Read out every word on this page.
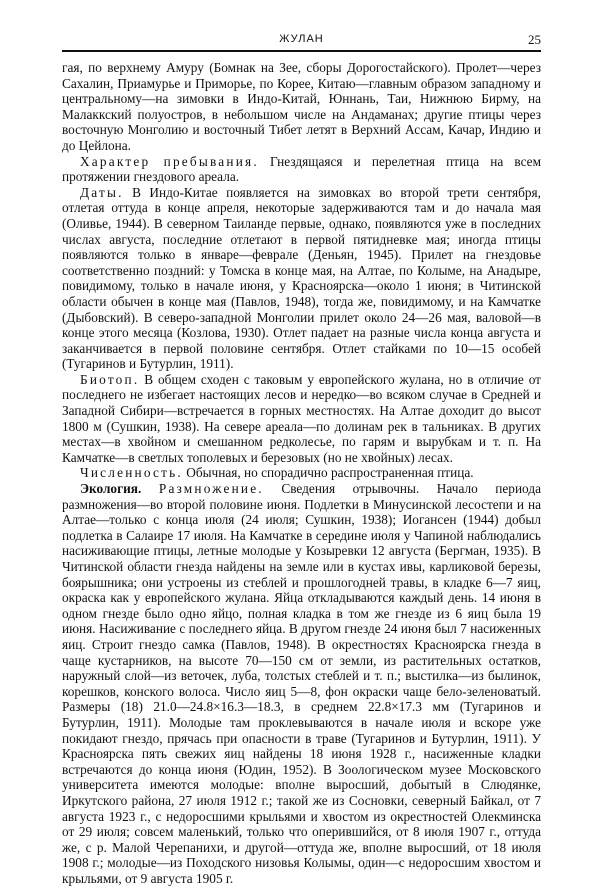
ЖУЛАН	25

гая, по верхнему Амуру (Бомнак на Зее, сборы Дорогостайского). Пролет—через Сахалин, Приамурье и Приморье, по Корее, Китаю—главным образом западному и центральному—на зимовки в Индо-Китай, Юннань, Таи, Нижнюю Бирму, на Малаккский полуостров, в небольшом числе на Андаманах; другие птицы через восточную Монголию и восточный Тибет летят в Верхний Ассам, Качар, Индию и до Цейлона.

Характер пребывания. Гнездящаяся и перелетная птица на всем протяжении гнездового ареала.

Даты. В Индо-Китае появляется на зимовках во второй трети сентября, отлетая оттуда в конце апреля, некоторые задерживаются там и до начала мая (Оливье, 1944). В северном Таиланде первые, однако, появляются уже в последних числах августа, последние отлетают в первой пятидневке мая; иногда птицы появляются только в январе—феврале (Деньян, 1945). Прилет на гнездовье соответственно поздний: у Томска в конце мая, на Алтае, по Колыме, на Анадыре, повидимому, только в начале июня, у Красноярска—около 1 июня; в Читинской области обычен в конце мая (Павлов, 1948), тогда же, повидимому, и на Камчатке (Дыбовский). В северо-западной Монголии прилет около 24—26 мая, валовой—в конце этого месяца (Козлова, 1930). Отлет падает на разные числа конца августа и заканчивается в первой половине сентября. Отлет стайками по 10—15 особей (Тугаринов и Бутурлин, 1911).

Биотоп. В общем сходен с таковым у европейского жулана, но в отличие от последнего не избегает настоящих лесов и нередко—во всяком случае в Средней и Западной Сибири—встречается в горных местностях. На Алтае доходит до высот 1800 м (Сушкин, 1938). На севере ареала—по долинам рек в тальниках. В других местах—в хвойном и смешанном редколесье, по гарям и вырубкам и т. п. На Камчатке—в светлых тополевых и березовых (но не хвойных) лесах.

Численность. Обычная, но спорадично распространенная птица.

Экология. Размножение. Сведения отрывочны. Начало периода размножения—во второй половине июня. Подлетки в Минусинской лесостепи и на Алтае—только с конца июля (24 июля; Сушкин, 1938); Иогансен (1944) добыл подлетка в Салаире 17 июля. На Камчатке в середине июля у Чапиной наблюдались насиживающие птицы, летные молодые у Козыревки 12 августа (Бергман, 1935). В Читинской области гнезда найдены на земле или в кустах ивы, карликовой березы, боярышника; они устроены из стеблей и прошлогодней травы, в кладке 6—7 яиц, окраска как у европейского жулана. Яйца откладываются каждый день. 14 июня в одном гнезде было одно яйцо, полная кладка в том же гнезде из 6 яиц была 19 июня. Насиживание с последнего яйца. В другом гнезде 24 июня был 7 насиженных яиц. Строит гнездо самка (Павлов, 1948). В окрестностях Красноярска гнезда в чаще кустарников, на высоте 70—150 см от земли, из растительных остатков, наружный слой—из веточек, луба, толстых стеблей и т. п.; выстилка—из былинок, корешков, конского волоса. Число яиц 5—8, фон окраски чаще бело-зеленоватый. Размеры (18) 21.0—24.8×16.3—18.3, в среднем 22.8×17.3 мм (Тугаринов и Бутурлин, 1911). Молодые там проклевываются в начале июля и вскоре уже покидают гнездо, прячась при опасности в траве (Тугаринов и Бутурлин, 1911). У Красноярска пять свежих яиц найдены 18 июня 1928 г., насиженные кладки встречаются до конца июня (Юдин, 1952). В Зоологическом музее Московского университета имеются молодые: вполне выросший, добытый в Слюдянке, Иркутского района, 27 июля 1912 г.; такой же из Сосновки, северный Байкал, от 7 августа 1923 г., с недоросшими крыльями и хвостом из окрестностей Олекминска от 29 июля; совсем маленький, только что оперившийся, от 8 июля 1907 г., оттуда же, с р. Малой Черепанихи, и другой—оттуда же, вполне выросший, от 18 июля 1908 г.; молодые—из Походского низовья Колымы, один—с недоросшим хвостом и крыльями, от 9 августа 1905 г.
